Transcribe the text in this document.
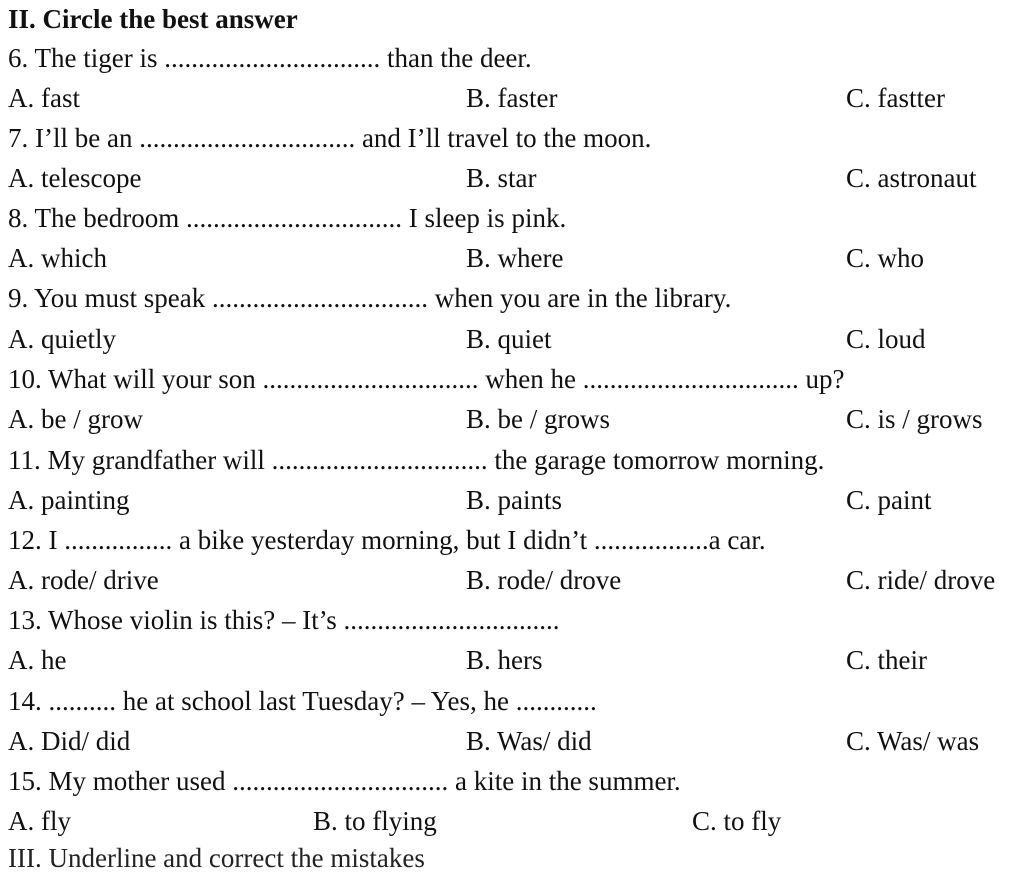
II. Circle the best answer
6. The tiger is ................................ than the deer.
A. fast	B. faster	C. fastter
7. I’ll be an ................................ and I’ll travel to the moon.
A. telescope	B. star	C. astronaut
8. The bedroom ................................ I sleep is pink.
A. which	B. where	C. who
9. You must speak ................................ when you are in the library.
A. quietly	B. quiet	C. loud
10. What will your son ................................ when he ................................ up?
A. be / grow	B. be / grows	C. is / grows
11. My grandfather will ................................ the garage tomorrow morning.
A. painting	B. paints	C. paint
12. I ................ a bike yesterday morning, but I didn’t .................a car.
A. rode/ drive	B. rode/ drove	C. ride/ drove
13. Whose violin is this? – It’s ................................
A. he	B. hers	C. their
14. .......... he at school last Tuesday? – Yes, he ............
A. Did/ did	B. Was/ did	C. Was/ was
15. My mother used ................................ a kite in the summer.
A. fly	B. to flying	C. to fly
III. Underline and correct the mistakes
